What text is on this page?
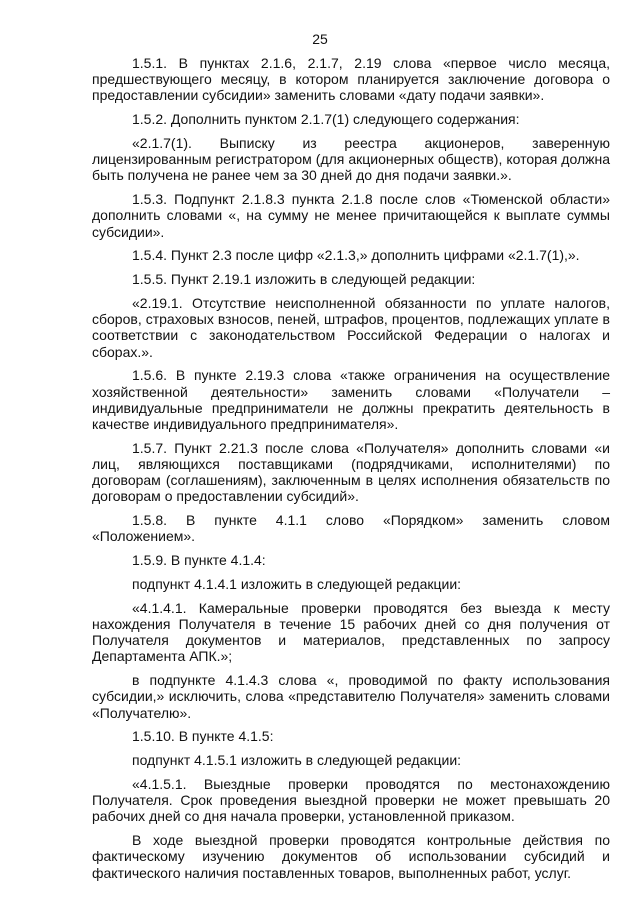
25

1.5.1. В пунктах 2.1.6, 2.1.7, 2.19 слова «первое число месяца, предшествующего месяцу, в котором планируется заключение договора о предоставлении субсидии» заменить словами «дату подачи заявки».

1.5.2. Дополнить пунктом 2.1.7(1) следующего содержания:

«2.1.7(1). Выписку из реестра акционеров, заверенную лицензированным регистратором (для акционерных обществ), которая должна быть получена не ранее чем за 30 дней до дня подачи заявки.».

1.5.3. Подпункт 2.1.8.3 пункта 2.1.8 после слов «Тюменской области» дополнить словами «, на сумму не менее причитающейся к выплате суммы субсидии».

1.5.4. Пункт 2.3 после цифр «2.1.3,» дополнить цифрами «2.1.7(1),».

1.5.5. Пункт 2.19.1 изложить в следующей редакции:

«2.19.1. Отсутствие неисполненной обязанности по уплате налогов, сборов, страховых взносов, пеней, штрафов, процентов, подлежащих уплате в соответствии с законодательством Российской Федерации о налогах и сборах.».

1.5.6. В пункте 2.19.3 слова «также ограничения на осуществление хозяйственной деятельности» заменить словами «Получатели – индивидуальные предприниматели не должны прекратить деятельность в качестве индивидуального предпринимателя».

1.5.7. Пункт 2.21.3 после слова «Получателя» дополнить словами «и лиц, являющихся поставщиками (подрядчиками, исполнителями) по договорам (соглашениям), заключенным в целях исполнения обязательств по договорам о предоставлении субсидий».

1.5.8. В пункте 4.1.1 слово «Порядком» заменить словом «Положением».

1.5.9. В пункте 4.1.4:

подпункт 4.1.4.1 изложить в следующей редакции:

«4.1.4.1. Камеральные проверки проводятся без выезда к месту нахождения Получателя в течение 15 рабочих дней со дня получения от Получателя документов и материалов, представленных по запросу Департамента АПК.»;

в подпункте 4.1.4.3 слова «, проводимой по факту использования субсидии,» исключить, слова «представителю Получателя» заменить словами «Получателю».

1.5.10. В пункте 4.1.5:

подпункт 4.1.5.1 изложить в следующей редакции:

«4.1.5.1. Выездные проверки проводятся по местонахождению Получателя. Срок проведения выездной проверки не может превышать 20 рабочих дней со дня начала проверки, установленной приказом.

В ходе выездной проверки проводятся контрольные действия по фактическому изучению документов об использовании субсидий и фактического наличия поставленных товаров, выполненных работ, услуг.
